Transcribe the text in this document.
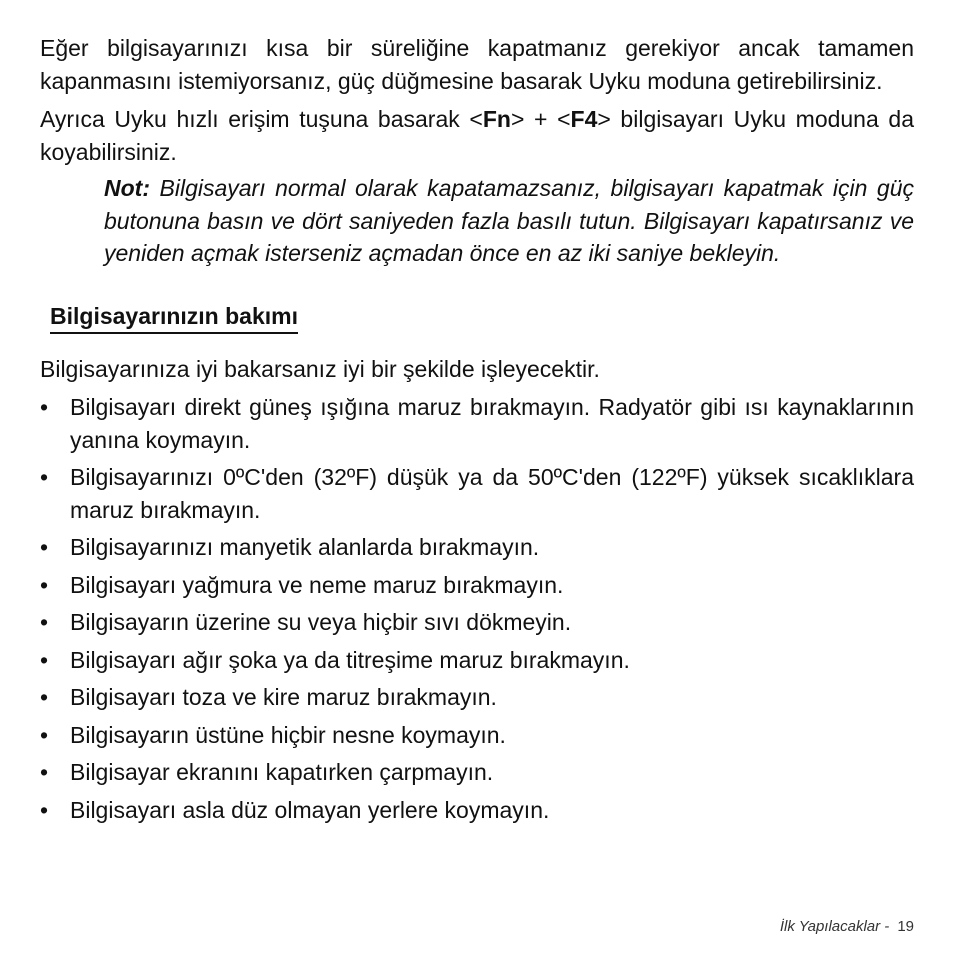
Eğer bilgisayarınızı kısa bir süreliğine kapatmanız gerekiyor ancak tamamen kapanmasını istemiyorsanız, güç düğmesine basarak Uyku moduna getirebilirsiniz.

Ayrıca Uyku hızlı erişim tuşuna basarak <Fn> + <F4> bilgisayarı Uyku moduna da koyabilirsiniz.

Not: Bilgisayarı normal olarak kapatamazsanız, bilgisayarı kapatmak için güç butonuna basın ve dört saniyeden fazla basılı tutun. Bilgisayarı kapatırsanız ve yeniden açmak isterseniz açmadan önce en az iki saniye bekleyin.

Bilgisayarınızın bakımı

Bilgisayarınıza iyi bakarsanız iyi bir şekilde işleyecektir.

• Bilgisayarı direkt güneş ışığına maruz bırakmayın. Radyatör gibi ısı kaynaklarının yanına koymayın.
• Bilgisayarınızı 0ºC'den (32ºF) düşük ya da 50ºC'den (122ºF) yüksek sıcaklıklara maruz bırakmayın.
• Bilgisayarınızı manyetik alanlarda bırakmayın.
• Bilgisayarı yağmura ve neme maruz bırakmayın.
• Bilgisayarın üzerine su veya hiçbir sıvı dökmeyin.
• Bilgisayarı ağır şoka ya da titreşime maruz bırakmayın.
• Bilgisayarı toza ve kire maruz bırakmayın.
• Bilgisayarın üstüne hiçbir nesne koymayın.
• Bilgisayar ekranını kapatırken çarpmayın.
• Bilgisayarı asla düz olmayan yerlere koymayın.
İlk Yapılacaklar - 19
